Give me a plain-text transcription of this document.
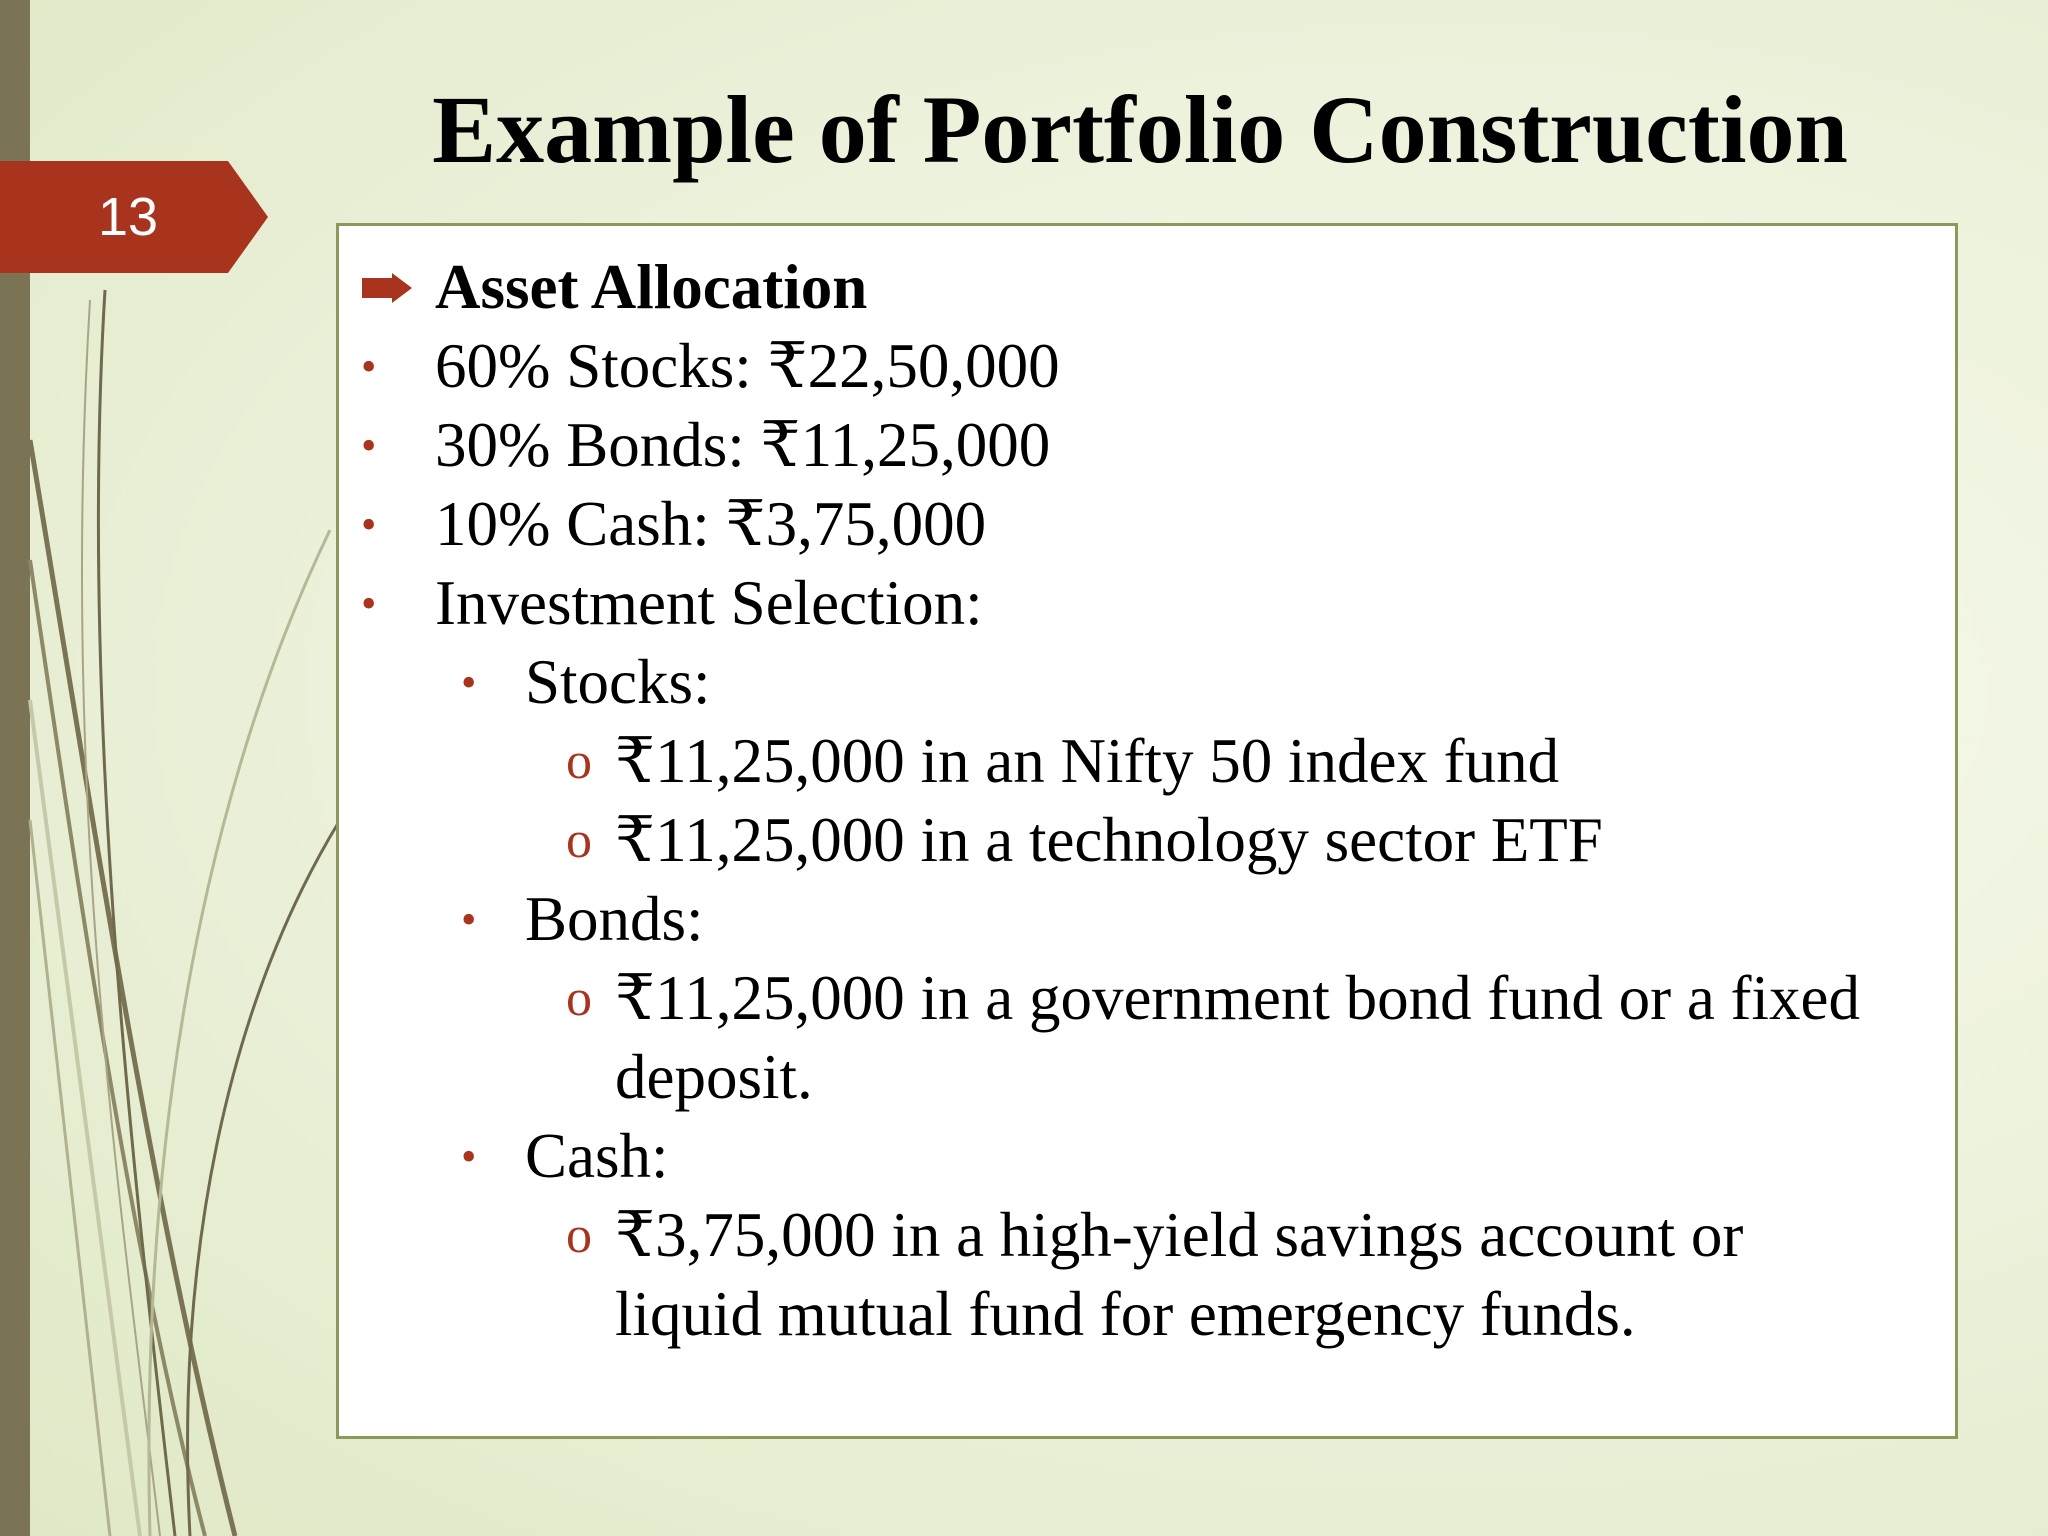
13
Example of Portfolio Construction
Asset Allocation
• 60% Stocks: ₹22,50,000
• 30% Bonds: ₹11,25,000
• 10% Cash: ₹3,75,000
• Investment Selection:
• Stocks:
o ₹11,25,000 in an Nifty 50 index fund
o ₹11,25,000 in a technology sector ETF
• Bonds:
o ₹11,25,000 in a government bond fund or a fixed
deposit.
• Cash:
o ₹3,75,000 in a high-yield savings account or
liquid mutual fund for emergency funds.
